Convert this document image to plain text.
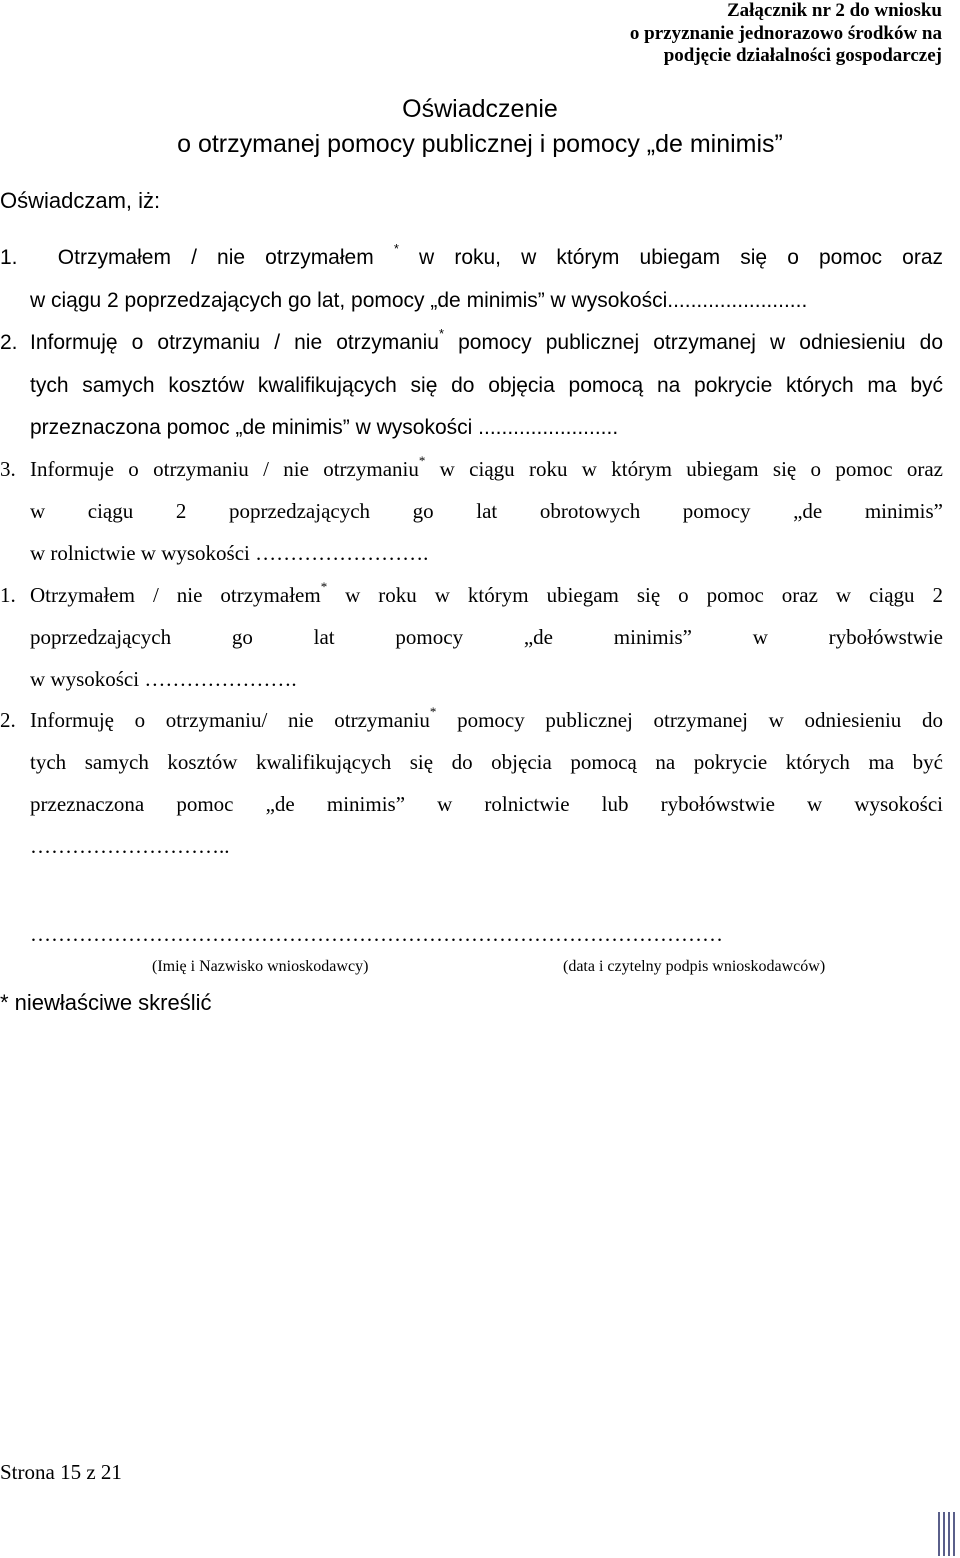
Załącznik nr 2 do wniosku
o przyznanie jednorazowo środków na
podjęcie działalności gospodarczej
Oświadczenie
o otrzymanej pomocy publicznej i pomocy „de minimis”
Oświadczam, iż:
1. Otrzymałem / nie otrzymałem * w roku, w którym ubiegam się o pomoc oraz
w ciągu 2 poprzedzających go lat, pomocy „de minimis” w wysokości........................
2. Informuję o otrzymaniu / nie otrzymaniu* pomocy publicznej otrzymanej w odniesieniu do
tych samych kosztów kwalifikujących się do objęcia pomocą na pokrycie których ma być
przeznaczona pomoc „de minimis” w wysokości ........................
3. Informuje o otrzymaniu / nie otrzymaniu* w ciągu roku w którym ubiegam się o pomoc oraz
w ciągu 2 poprzedzających go lat obrotowych pomocy „de minimis”
w rolnictwie w wysokości …………………….
1. Otrzymałem / nie otrzymałem* w roku w którym ubiegam się o pomoc oraz w ciągu 2
poprzedzających go lat pomocy „de minimis” w rybołówstwie
w wysokości ………………….
2. Informuję o otrzymaniu/ nie otrzymaniu* pomocy publicznej otrzymanej w odniesieniu do
tych samych kosztów kwalifikujących się do objęcia pomocą na pokrycie których ma być
przeznaczona pomoc „de minimis” w rolnictwie lub rybołówstwie w wysokości
………………………..
………………………………………………………………………………………
(Imię i Nazwisko wnioskodawcy)	(data i czytelny podpis wnioskodawców)
* niewłaściwe skreślić
Strona 15 z 21
